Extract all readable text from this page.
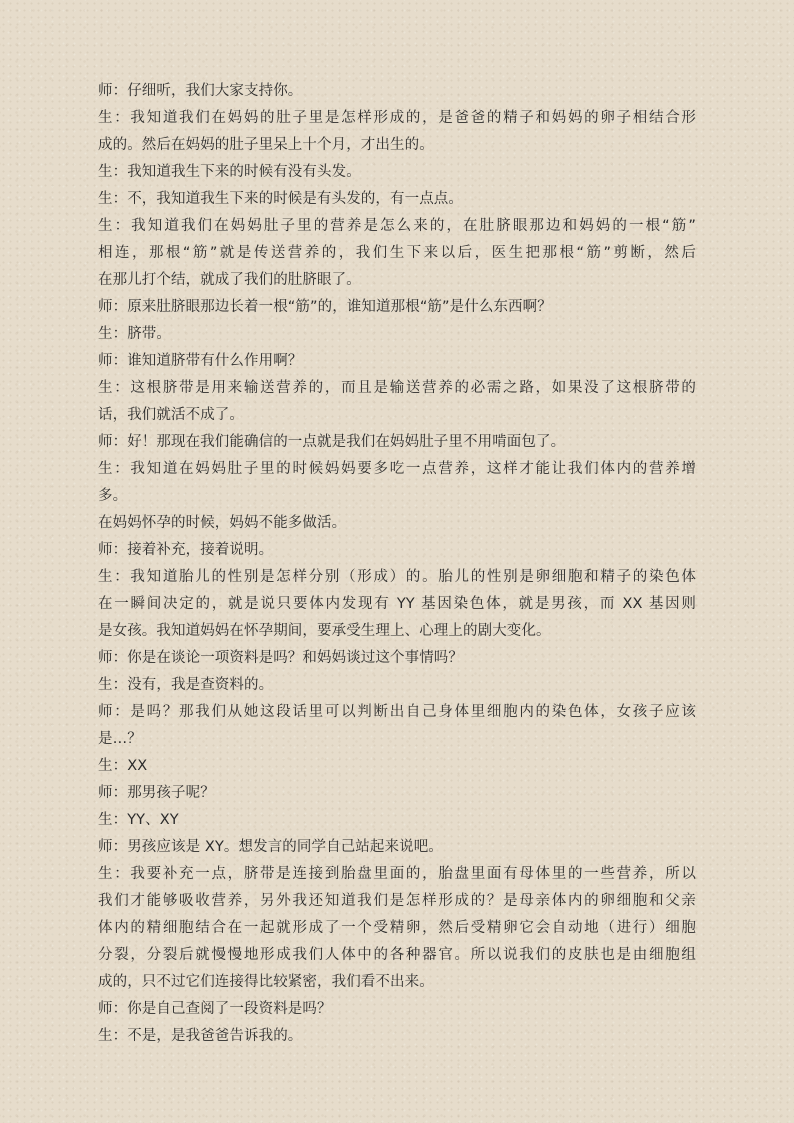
师：仔细听，我们大家支持你。
生：我知道我们在妈妈的肚子里是怎样形成的，是爸爸的精子和妈妈的卵子相结合形
成的。然后在妈妈的肚子里呆上十个月，才出生的。
生：我知道我生下来的时候有没有头发。
生：不，我知道我生下来的时候是有头发的，有一点点。
生：我知道我们在妈妈肚子里的营养是怎么来的，在肚脐眼那边和妈妈的一根“筋”
相连，那根“筋”就是传送营养的，我们生下来以后，医生把那根“筋”剪断，然后
在那儿打个结，就成了我们的肚脐眼了。
师：原来肚脐眼那边长着一根“筋”的，谁知道那根“筋”是什么东西啊？
生：脐带。
师：谁知道脐带有什么作用啊？
生：这根脐带是用来输送营养的，而且是输送营养的必需之路，如果没了这根脐带的
话，我们就活不成了。
师：好！那现在我们能确信的一点就是我们在妈妈肚子里不用啃面包了。
生：我知道在妈妈肚子里的时候妈妈要多吃一点营养，这样才能让我们体内的营养增
多。
在妈妈怀孕的时候，妈妈不能多做活。
师：接着补充，接着说明。
生：我知道胎儿的性别是怎样分别（形成）的。胎儿的性别是卵细胞和精子的染色体
在一瞬间决定的，就是说只要体内发现有 YY 基因染色体，就是男孩，而 XX 基因则
是女孩。我知道妈妈在怀孕期间，要承受生理上、心理上的剧大变化。
师：你是在谈论一项资料是吗？和妈妈谈过这个事情吗？
生：没有，我是查资料的。
师：是吗？那我们从她这段话里可以判断出自己身体里细胞内的染色体，女孩子应该
是…？
生：XX
师：那男孩子呢？
生：YY、XY
师：男孩应该是 XY。想发言的同学自己站起来说吧。
生：我要补充一点，脐带是连接到胎盘里面的，胎盘里面有母体里的一些营养，所以
我们才能够吸收营养，另外我还知道我们是怎样形成的？是母亲体内的卵细胞和父亲
体内的精细胞结合在一起就形成了一个受精卵，然后受精卵它会自动地（进行）细胞
分裂，分裂后就慢慢地形成我们人体中的各种器官。所以说我们的皮肤也是由细胞组
成的，只不过它们连接得比较紧密，我们看不出来。
师：你是自己查阅了一段资料是吗？
生：不是，是我爸爸告诉我的。
